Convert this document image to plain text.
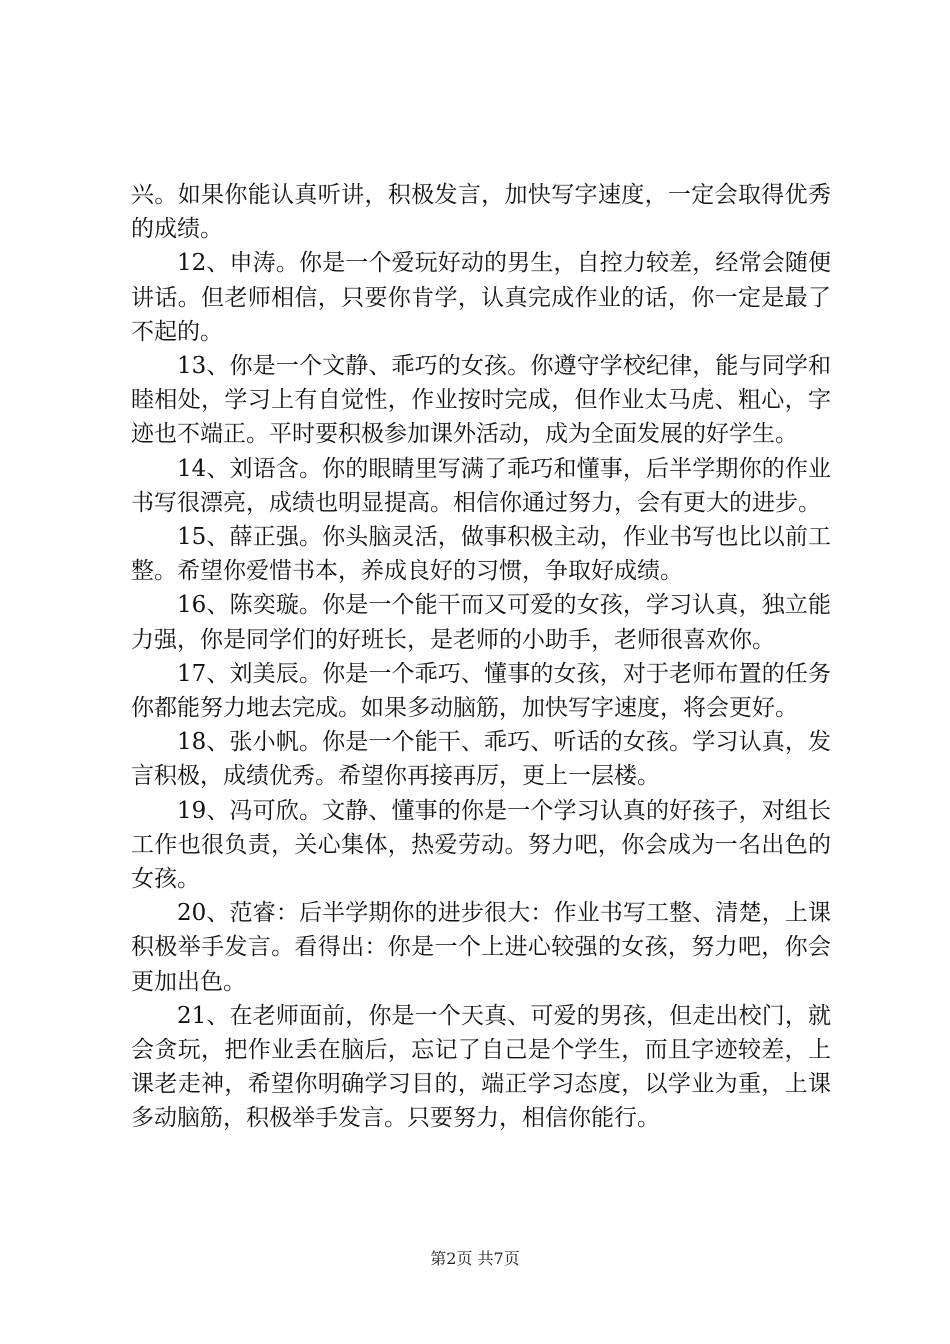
兴。如果你能认真听讲，积极发言，加快写字速度，一定会取得优秀的成绩。

12、申涛。你是一个爱玩好动的男生，自控力较差，经常会随便讲话。但老师相信，只要你肯学，认真完成作业的话，你一定是最了不起的。

13、你是一个文静、乖巧的女孩。你遵守学校纪律，能与同学和睦相处，学习上有自觉性，作业按时完成，但作业太马虎、粗心，字迹也不端正。平时要积极参加课外活动，成为全面发展的好学生。

14、刘语含。你的眼睛里写满了乖巧和懂事，后半学期你的作业书写很漂亮，成绩也明显提高。相信你通过努力，会有更大的进步。

15、薛正强。你头脑灵活，做事积极主动，作业书写也比以前工整。希望你爱惜书本，养成良好的习惯，争取好成绩。

16、陈奕璇。你是一个能干而又可爱的女孩，学习认真，独立能力强，你是同学们的好班长，是老师的小助手，老师很喜欢你。

17、刘美辰。你是一个乖巧、懂事的女孩，对于老师布置的任务你都能努力地去完成。如果多动脑筋，加快写字速度，将会更好。

18、张小帆。你是一个能干、乖巧、听话的女孩。学习认真，发言积极，成绩优秀。希望你再接再厉，更上一层楼。

19、冯可欣。文静、懂事的你是一个学习认真的好孩子，对组长工作也很负责，关心集体，热爱劳动。努力吧，你会成为一名出色的女孩。

20、范睿：后半学期你的进步很大：作业书写工整、清楚，上课积极举手发言。看得出：你是一个上进心较强的女孩，努力吧，你会更加出色。

21、在老师面前，你是一个天真、可爱的男孩，但走出校门，就会贪玩，把作业丢在脑后，忘记了自己是个学生，而且字迹较差，上课老走神，希望你明确学习目的，端正学习态度，以学业为重，上课多动脑筋，积极举手发言。只要努力，相信你能行。

第2页 共7页
